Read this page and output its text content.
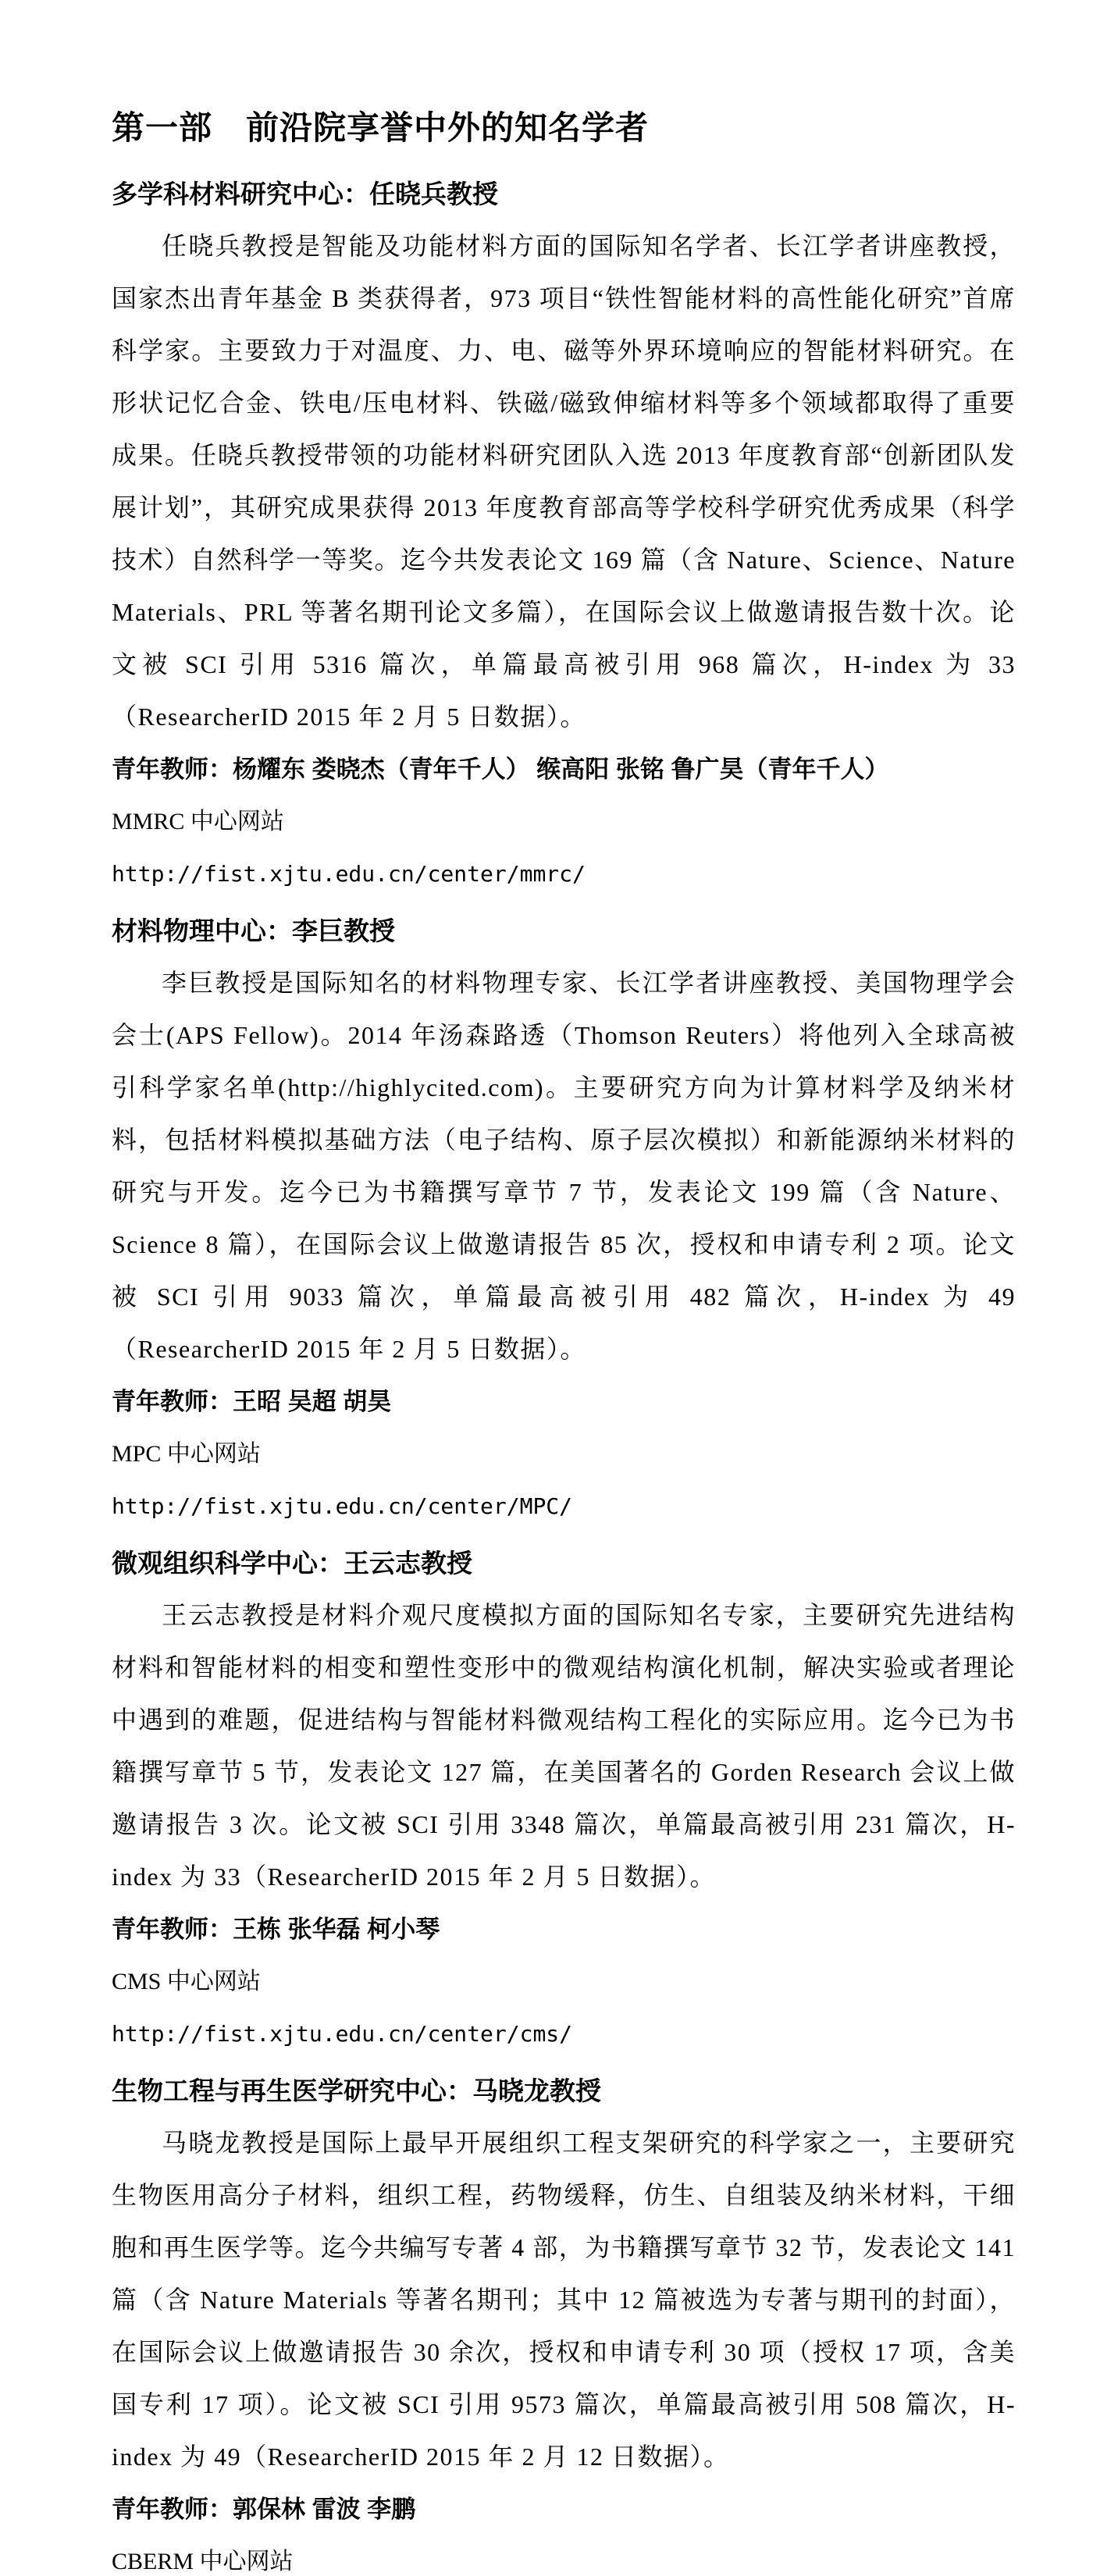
第一部　前沿院享誉中外的知名学者
多学科材料研究中心：任晓兵教授

任晓兵教授是智能及功能材料方面的国际知名学者、长江学者讲座教授，国家杰出青年基金 B 类获得者，973 项目“铁性智能材料的高性能化研究”首席科学家。主要致力于对温度、力、电、磁等外界环境响应的智能材料研究。在形状记忆合金、铁电/压电材料、铁磁/磁致伸缩材料等多个领域都取得了重要成果。任晓兵教授带领的功能材料研究团队入选 2013 年度教育部“创新团队发展计划”，其研究成果获得 2013 年度教育部高等学校科学研究优秀成果（科学技术）自然科学一等奖。迄今共发表论文 169 篇（含 Nature、Science、Nature Materials、PRL 等著名期刊论文多篇），在国际会议上做邀请报告数十次。论文被 SCI 引用 5316 篇次，单篇最高被引用 968 篇次，H-index 为 33（ResearcherID 2015 年 2 月 5 日数据）。

青年教师：杨耀东 娄晓杰（青年千人） 缑高阳 张铭 鲁广昊（青年千人）

MMRC 中心网站

http://fist.xjtu.edu.cn/center/mmrc/

材料物理中心：李巨教授

李巨教授是国际知名的材料物理专家、长江学者讲座教授、美国物理学会会士(APS Fellow)。2014 年汤森路透（Thomson Reuters）将他列入全球高被引科学家名单(http://highlycited.com)。主要研究方向为计算材料学及纳米材料，包括材料模拟基础方法（电子结构、原子层次模拟）和新能源纳米材料的研究与开发。迄今已为书籍撰写章节 7 节，发表论文 199 篇（含 Nature、Science 8 篇），在国际会议上做邀请报告 85 次，授权和申请专利 2 项。论文被 SCI 引用 9033 篇次，单篇最高被引用 482 篇次，H-index 为 49（ResearcherID 2015 年 2 月 5 日数据）。

青年教师：王昭 吴超 胡昊

MPC 中心网站

http://fist.xjtu.edu.cn/center/MPC/

微观组织科学中心：王云志教授

王云志教授是材料介观尺度模拟方面的国际知名专家，主要研究先进结构材料和智能材料的相变和塑性变形中的微观结构演化机制，解决实验或者理论中遇到的难题，促进结构与智能材料微观结构工程化的实际应用。迄今已为书籍撰写章节 5 节，发表论文 127 篇，在美国著名的 Gorden Research 会议上做邀请报告 3 次。论文被 SCI 引用 3348 篇次，单篇最高被引用 231 篇次，H-index 为 33（ResearcherID 2015 年 2 月 5 日数据）。

青年教师：王栋 张华磊 柯小琴

CMS 中心网站

http://fist.xjtu.edu.cn/center/cms/

生物工程与再生医学研究中心：马晓龙教授

马晓龙教授是国际上最早开展组织工程支架研究的科学家之一，主要研究生物医用高分子材料，组织工程，药物缓释，仿生、自组装及纳米材料，干细胞和再生医学等。迄今共编写专著 4 部，为书籍撰写章节 32 节，发表论文 141 篇（含 Nature Materials 等著名期刊；其中 12 篇被选为专著与期刊的封面），在国际会议上做邀请报告 30 余次，授权和申请专利 30 项（授权 17 项，含美国专利 17 项）。论文被 SCI 引用 9573 篇次，单篇最高被引用 508 篇次，H-index 为 49（ResearcherID 2015 年 2 月 12 日数据）。

青年教师：郭保林 雷波 李鹏

CBERM 中心网站
